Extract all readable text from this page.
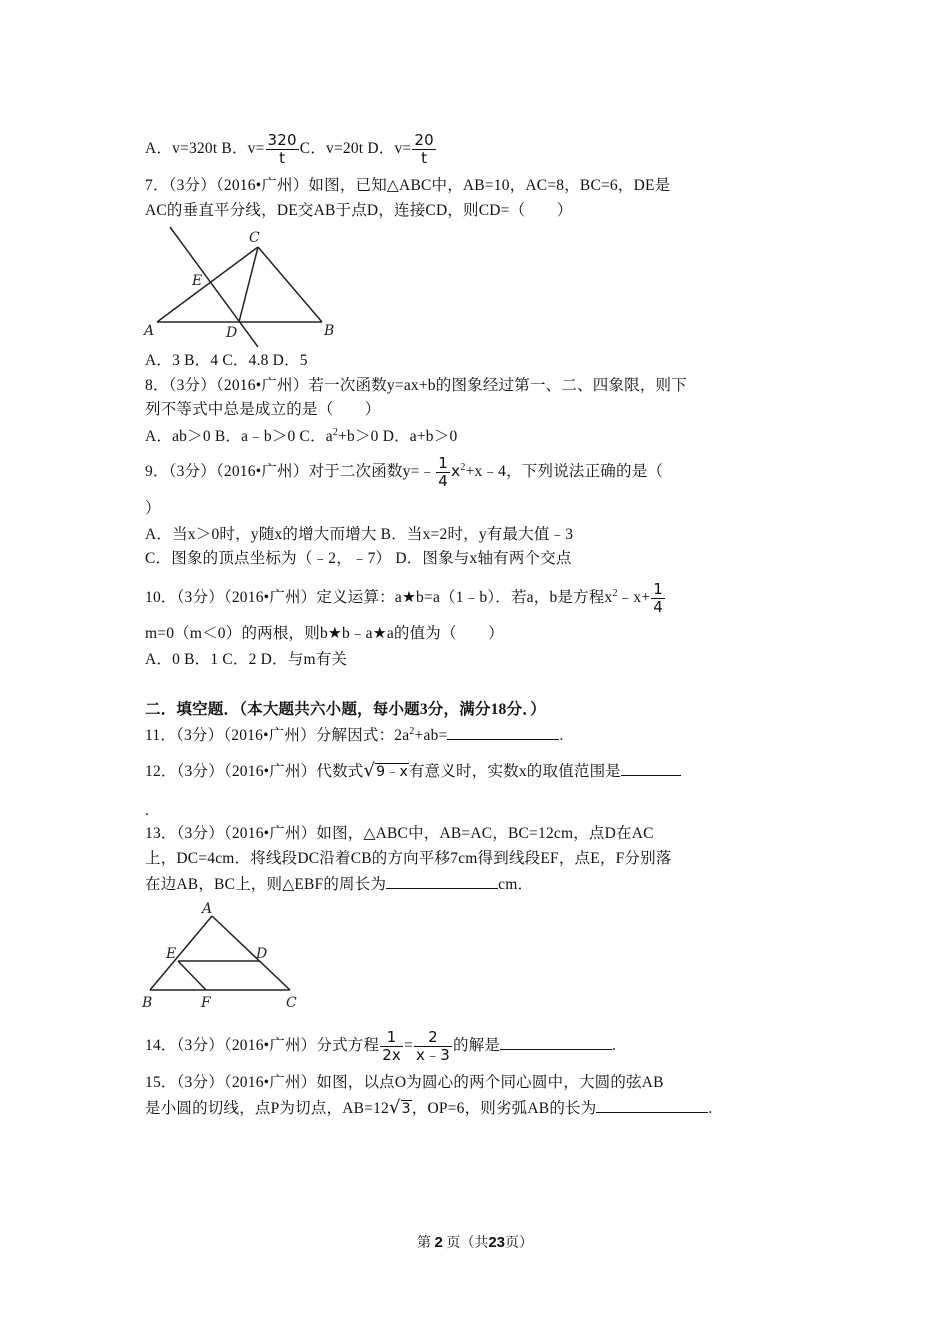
A．v=320t B．$v= \frac{320}{t}$ C．v=20t D．$v= \frac{20}{t}$
7．（3分）（2016•广州）如图，已知△ABC中，AB=10，AC=8，BC=6，DE是
AC的垂直平分线，DE交AB于点D，连接CD，则CD=（　　）
A	B
C
D
E
A．3 B．4 C．4.8 D．5
8．（3分）（2016•广州）若一次函数y=ax+b的图象经过第一、二、四象限，则下
列不等式中总是成立的是（　　）
A．ab＞0 B．a﹣b＞0 C．$a^2+b>0$ D．a+b＞0
9．（3分）（2016•广州）对于二次函数y=﹣ $\frac{1}{4}$ $x^2+x﹣4$，下列说法正确的是（
）
A．当x＞0时，y随x的增大而增大 B．当x=2时，y有最大值﹣3
C．图象的顶点坐标为（﹣2，﹣7） D．图象与x轴有两个交点
10．（3分）（2016•广州）定义运算：a★b=a（1﹣b）．若a，b是方程$x^2﹣x+ \frac{1}{4}$
m=0（m＜0）的两根，则b★b﹣a★a的值为（　　）
A．0 B．1 C．2 D．与m有关
二．填空题．（本大题共六小题，每小题3分，满分18分．）
11．（3分）（2016•广州）分解因式：$2a^2+ab=$	.
12．（3分）（2016•广州）代数式√9﹣x有意义时，实数x的取值范围是
.
13．（3分）（2016•广州）如图，△ABC中，AB=AC，BC=12cm，点D在AC
上，DC=4cm．将线段DC沿着CB的方向平移7cm得到线段EF，点E，F分别落
在边AB，BC上，则△EBF的周长为	cm．
A
B	C
D
E
F
14．（3分）（2016•广州）分式方程 $\frac{1}{2x} = \frac{2}{x﹣3}$ 的解是	.
15．（3分）（2016•广州）如图，以点O为圆心的两个同心圆中，大圆的弦AB
是小圆的切线，点P为切点，AB=12√3，OP=6，则劣弧AB的长为	.
第 2 页（共23页）
